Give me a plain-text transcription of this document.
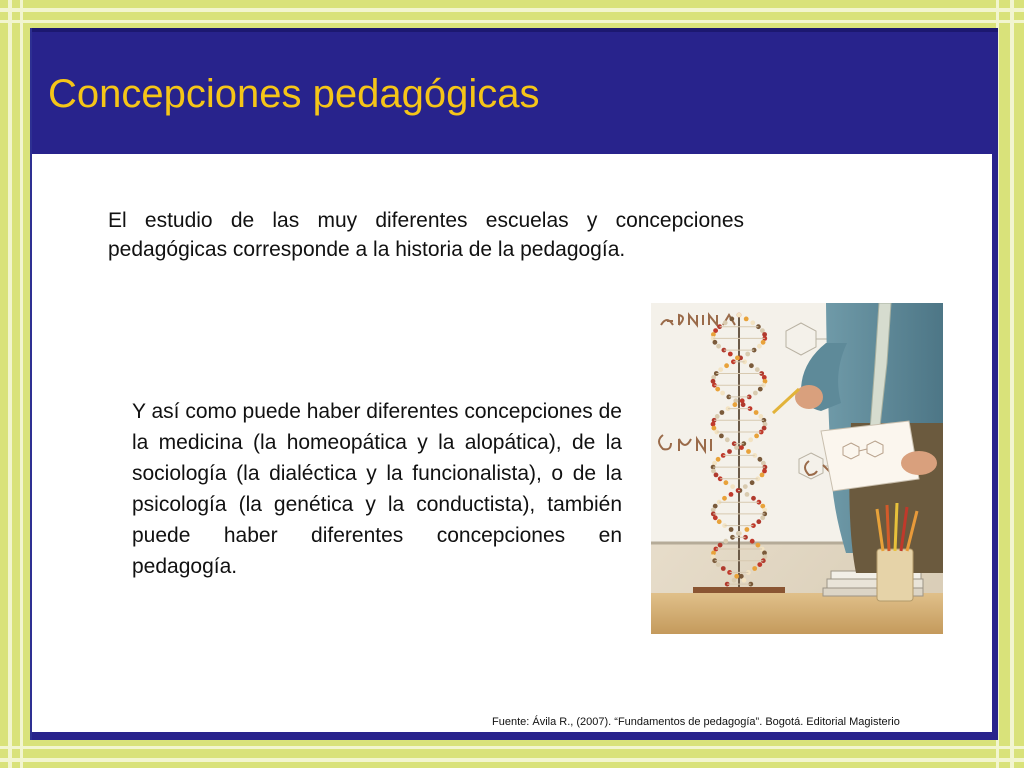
Concepciones pedagógicas
El estudio de las muy diferentes escuelas y concepciones pedagógicas corresponde a la historia de la pedagogía.
Y así como puede haber diferentes concepciones de la medicina (la homeopática y la alopática), de la sociología (la dialéctica y la funcionalista), o de la psicología (la genética y la conductista), también puede haber diferentes concepciones en pedagogía.
Fuente: Ávila R., (2007). “Fundamentos de pedagogía”. Bogotá. Editorial Magisterio
